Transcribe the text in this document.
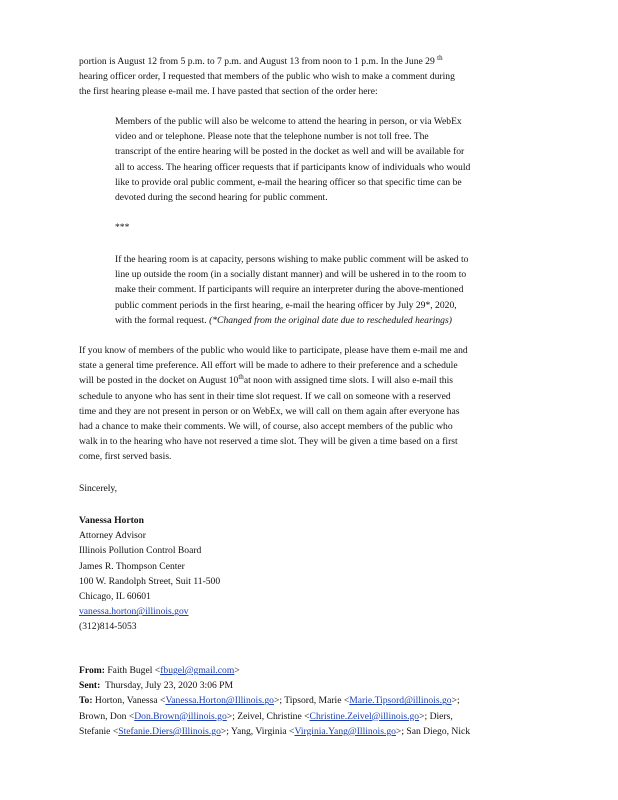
portion is August 12 from 5 p.m. to 7 p.m. and August 13 from noon to 1 p.m. In the June 29 $^{th}$
hearing officer order, I requested that members of the public who wish to make a comment during
the first hearing please e-mail me. I have pasted that section of the order here:
Members of the public will also be welcome to attend the hearing in person, or via WebEx
video and or telephone. Please note that the telephone number is not toll free. The
transcript of the entire hearing will be posted in the docket as well and will be available for
all to access. The hearing officer requests that if participants know of individuals who would
like to provide oral public comment, e-mail the hearing officer so that specific time can be
devoted during the second hearing for public comment.
***
If the hearing room is at capacity, persons wishing to make public comment will be asked to
line up outside the room (in a socially distant manner) and will be ushered in to the room to
make their comment. If participants will require an interpreter during the above-mentioned
public comment periods in the first hearing, e-mail the hearing officer by July 29*, 2020,
with the formal request. (*Changed from the original date due to rescheduled hearings)
If you know of members of the public who would like to participate, please have them e-mail me and
state a general time preference. All effort will be made to adhere to their preference and a schedule
will be posted in the docket on August 10that noon with assigned time slots. I will also e-mail this
schedule to anyone who has sent in their time slot request. If we call on someone with a reserved
time and they are not present in person or on WebEx, we will call on them again after everyone has
had a chance to make their comments. We will, of course, also accept members of the public who
walk in to the hearing who have not reserved a time slot. They will be given a time based on a first
come, first served basis.
Sincerely,
Vanessa Horton
Attorney Advisor
Illinois Pollution Control Board
James R. Thompson Center
100 W. Randolph Street, Suit 11-500
Chicago, IL 60601
vanessa.horton@illinois.gov
(312)814-5053
From: Faith Bugel <fbugel@gmail.com>
Sent: Thursday, July 23, 2020 3:06 PM
To: Horton, Vanessa <Vanessa.Horton@Illinois.go>; Tipsord, Marie <Marie.Tipsord@illinois.go>;
Brown, Don <Don.Brown@illinois.go>; Zeivel, Christine <Christine.Zeivel@illinois.go>; Diers,
Stefanie <Stefanie.Diers@Illinois.go>; Yang, Virginia <Virginia.Yang@Illinois.go>; San Diego, Nick
